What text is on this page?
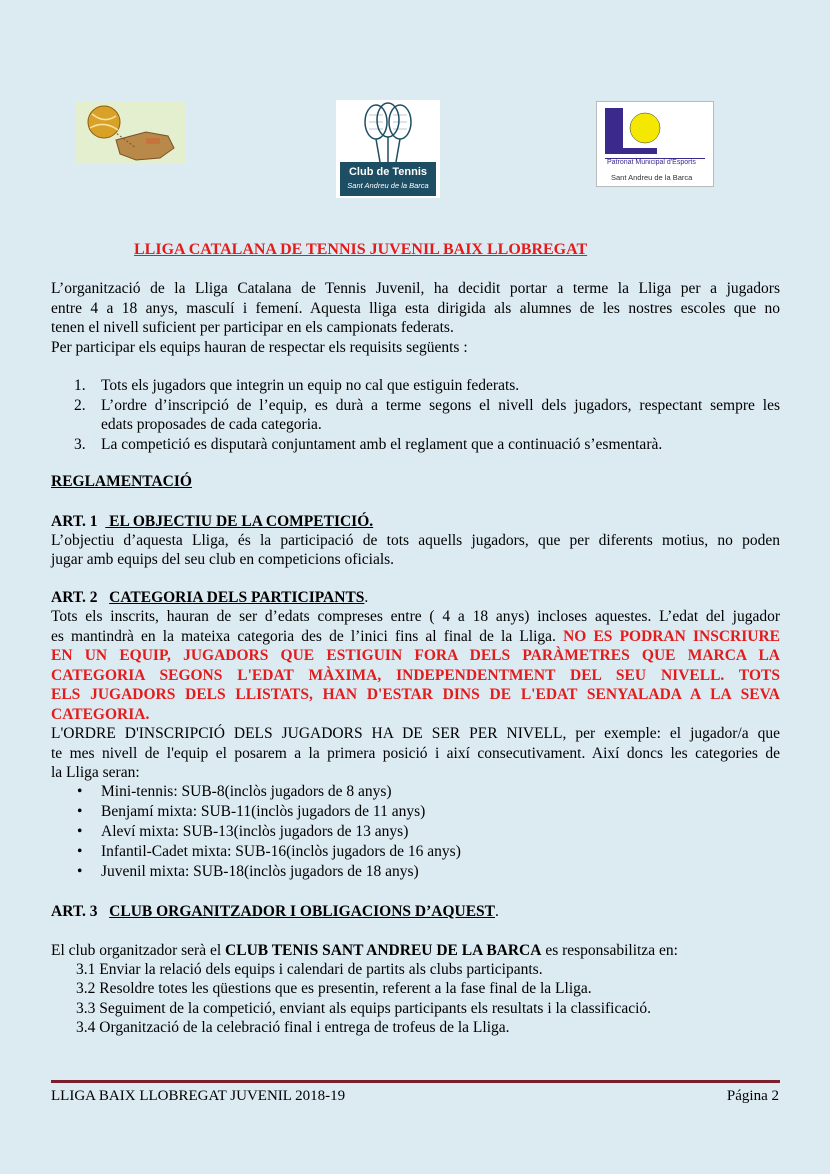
Club de Tennis
Sant Andreu de la Barca
Patronat Municipal d'Esports
Sant Andreu de la Barca
LLIGA CATALANA DE TENNIS JUVENIL BAIX LLOBREGAT
L’organització de la Lliga Catalana de Tennis Juvenil, ha decidit portar a terme la Lliga per a jugadors
entre 4 a 18 anys, masculí i femení. Aquesta lliga esta dirigida als alumnes de les nostres escoles que no
tenen el nivell suficient per participar en els campionats federats.
Per participar els equips hauran de respectar els requisits següents :
1. Tots els jugadors que integrin un equip no cal que estiguin federats.
2. L’ordre d’inscripció de l’equip, es durà a terme segons el nivell dels jugadors, respectant sempre les
edats proposades de cada categoria.
3. La competició es disputarà conjuntament amb el reglament que a continuació s’esmentarà.
REGLAMENTACIÓ
ART. 1   EL OBJECTIU DE LA COMPETICIÓ.
L’objectiu d’aquesta Lliga, és la participació de tots aquells jugadors, que per diferents motius, no poden
jugar amb equips del seu club en competicions oficials.
ART. 2 CATEGORIA DELS PARTICIPANTS.
Tots els inscrits, hauran de ser d’edats compreses entre ( 4 a 18 anys) incloses aquestes. L’edat del jugador
es mantindrà en la mateixa categoria des de l’inici fins al final de la Lliga. NO ES PODRAN INSCRIURE
EN UN EQUIP, JUGADORS QUE ESTIGUIN FORA DELS PARÀMETRES QUE MARCA LA
CATEGORIA SEGONS L'EDAT MÀXIMA, INDEPENDENTMENT DEL SEU NIVELL. TOTS
ELS JUGADORS DELS LLISTATS, HAN D'ESTAR DINS DE L'EDAT SENYALADA A LA SEVA
CATEGORIA.
L'ORDRE D'INSCRIPCIÓ DELS JUGADORS HA DE SER PER NIVELL, per exemple: el jugador/a que
te mes nivell de l'equip el posarem a la primera posició i així consecutivament. Així doncs les categories de
la Lliga seran:
• Mini-tennis: SUB-8(inclòs jugadors de 8 anys)
• Benjamí mixta: SUB-11(inclòs jugadors de 11 anys)
• Aleví mixta: SUB-13(inclòs jugadors de 13 anys)
• Infantil-Cadet mixta: SUB-16(inclòs jugadors de 16 anys)
• Juvenil mixta: SUB-18(inclòs jugadors de 18 anys)
ART. 3 CLUB ORGANITZADOR I OBLIGACIONS D’AQUEST.
El club organitzador serà el CLUB TENIS SANT ANDREU DE LA BARCA es responsabilitza en:
3.1 Enviar la relació dels equips i calendari de partits als clubs participants.
3.2 Resoldre totes les qüestions que es presentin, referent a la fase final de la Lliga.
3.3 Seguiment de la competició, enviant als equips participants els resultats i la classificació.
3.4 Organització de la celebració final i entrega de trofeus de la Lliga.
LLIGA BAIX LLOBREGAT JUVENIL 2018-19	Página 2
